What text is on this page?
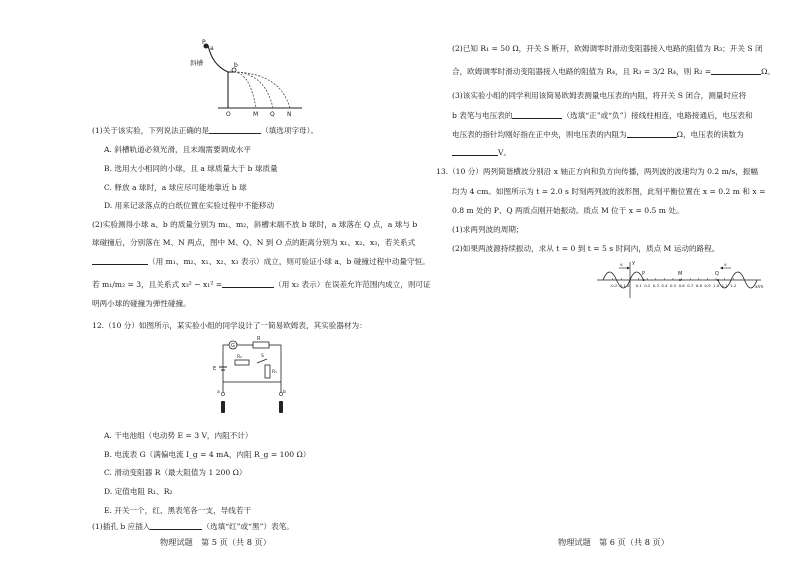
P
a
斜槽	b
O	M Q N
(1)关于该实验，下列说法正确的是	（填选项字母）。
A. 斜槽轨道必须光滑，且末端需要调成水平
B. 选用大小相同的小球，且 a 球质量大于 b 球质量
C. 释放 a 球时，a 球应尽可能地靠近 b 球
D. 用来记录落点的白纸位置在实验过程中不能移动
(2)实验测得小球 a、b 的质量分别为 m₁、m₂，斜槽末端不放 b 球时，a 球落在 Q 点，a 球与 b
球碰撞后，分别落在 M、N 两点，图中 M、Q、N 到 O 点的距离分别为 x₁、x₂、x₃，若关系式
（用 m₁、m₂、x₁、x₂、x₃ 表示）成立，则可验证小球 a、b 碰撞过程中动量守恒。
若 m₁/m₂ = 3，且关系式 x₃² − x₁² =	（用 x₂ 表示）在误差允许范围内成立，则可证
明两小球的碰撞为弹性碰撞。
12.（10 分）如图所示，某实验小组的同学设计了一简易欧姆表，其实验器材为：
G
R
R₂	S
R₁
E
a	b
A. 干电池组（电动势 E = 3 V，内阻不计）
B. 电流表 G（满偏电流 I_g = 4 mA，内阻 R_g = 100 Ω）
C. 滑动变阻器 R（最大阻值为 1 200 Ω）
D. 定值电阻 R₁、R₂
E. 开关一个，红、黑表笔各一支，导线若干
(1)插孔 b 应插入	（选填“红”或“黑”）表笔。
物理试题　第 5 页（共 8 页）
(2)已知 R₁ = 50 Ω，开关 S 断开，欧姆调零时滑动变阻器接入电路的阻值为 R₃；开关 S 闭
合，欧姆调零时滑动变阻器接入电路的阻值为 R₄，且 R₃ = 3/2 R₄，则 R₂ =	Ω。
(3)该实验小组的同学利用该简易欧姆表测量电压表的内阻，将开关 S 闭合，测量时应将
b 表笔与电压表的	（选填“正”或“负”）接线柱相连，电路接通后，电压表和
电压表的指针均刚好指在正中央，则电压表的内阻为	Ω，电压表的读数为
V。
13.（10 分）两列简谐横波分别沿 x 轴正方向和负方向传播，两列波的波速均为 0.2 m/s，振幅
均为 4 cm。如图所示为 t = 2.0 s 时刻两列波的波形图，此刻平衡位置在 x = 0.2 m 和 x =
0.8 m 处的 P、Q 两质点刚开始振动。质点 M 位于 x = 0.5 m 处。
(1)求两列波的周期；
(2)如果两波源持续振动，求从 t = 0 到 t = 5 s 时间内，质点 M 运动的路程。
y
x/m
-0.2 -0.1 0 0.1 0.2 0.3 0.4 0.5 0.6 0.7 0.8 0.9 1.0 1.1 1.2
v	v
P	M	Q
物理试题　第 6 页（共 8 页）
